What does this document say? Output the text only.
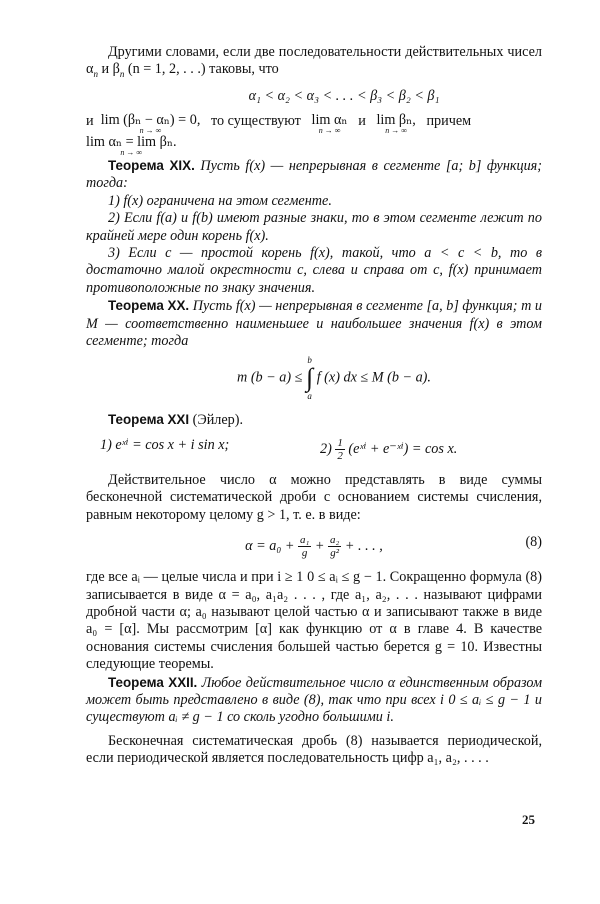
Другими словами, если две последовательности действительных чисел $\alpha_n$ и $\beta_n$ (n = 1, 2, . . .) таковы, что

α₁ < α₂ < α₃ < . . . < β₃ < β₂ < β₁

и lim (βₙ − αₙ) = 0,
n → ∞
то существуют lim αₙ
n → ∞
и lim βₙ,
n → ∞
причем
lim αₙ = lim βₙ.
n → ∞

Теорема XIX. Пусть f(x) — непрерывная в сегменте [a; b] функция; тогда:

1) f(x) ограничена на этом сегменте.

2) Если f(a) и f(b) имеют разные знаки, то в этом сегменте лежит по крайней мере один корень f(x).

3) Если c — простой корень f(x), такой, что a < c < b, то в достаточно малой окрестности c, слева и справа от c, f(x) принимает противоположные по знаку значения.

Теорема XX. Пусть f(x) — непрерывная в сегменте [a, b] функция; m и M — соответственно наименьшее и наибольшее значения f(x) в этом сегменте; тогда

m (b − a) ≤
b
∫
a
f (x) dx ≤ M (b − a).

Теорема XXI (Эйлер).

1) eˣⁱ = cos x + i sin x;	$2) \frac{1}{2}$ (eˣⁱ + e⁻ˣⁱ) = cos x.

Действительное число α можно представлять в виде суммы бесконечной систематической дроби с основанием системы счисления, равным некоторому целому g > 1, т. е. в виде:

$\alpha = a_0 + \frac{\text{a₁}}{g} + \frac{\text{a₂}}{\text{g²}}$ + . . . ,	(8)

где все aᵢ — целые числа и при i ≥ 1 0 ≤ aᵢ ≤ g − 1. Сокращенно формула (8) записывается в виде α = a₀, a₁a₂ . . . , где a₁, a₂, . . . называют цифрами дробной части α; a₀ называют целой частью α и записывают также в виде a₀ = [α]. Мы рассмотрим [α] как функцию от α в главе 4. В качестве основания системы счисления большей частью берется g = 10. Известны следующие теоремы.

Теорема XXII. Любое действительное число α единственным образом может быть представлено в виде (8), так что при всех i 0 ≤ aᵢ ≤ g − 1 и существуют aᵢ ≠ g − 1 со сколь угодно большими i.

Бесконечная систематическая дробь (8) называется периодической, если периодической является последовательность цифр a₁, a₂, . . . .

25
